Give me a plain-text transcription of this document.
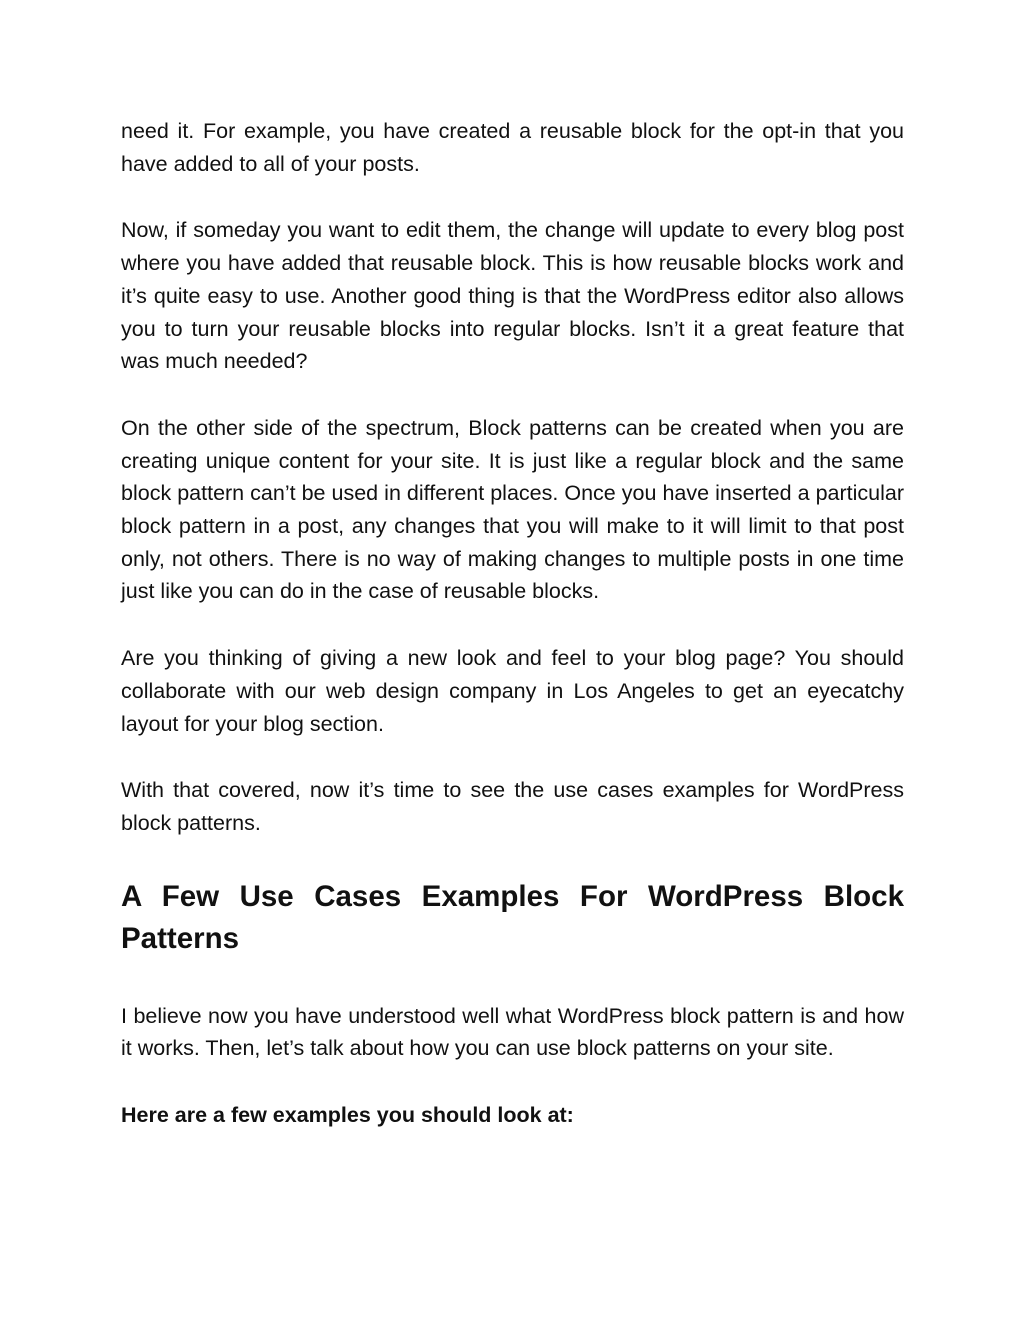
need it. For example, you have created a reusable block for the opt-in that you have added to all of your posts.

Now, if someday you want to edit them, the change will update to every blog post where you have added that reusable block. This is how reusable blocks work and it’s quite easy to use. Another good thing is that the WordPress editor also allows you to turn your reusable blocks into regular blocks. Isn’t it a great feature that was much needed?

On the other side of the spectrum, Block patterns can be created when you are creating unique content for your site. It is just like a regular block and the same block pattern can’t be used in different places. Once you have inserted a particular block pattern in a post, any changes that you will make to it will limit to that post only, not others. There is no way of making changes to multiple posts in one time just like you can do in the case of reusable blocks.

Are you thinking of giving a new look and feel to your blog page? You should collaborate with our web design company in Los Angeles to get an eyecatchy layout for your blog section.

With that covered, now it’s time to see the use cases examples for WordPress block patterns.

A Few Use Cases Examples For WordPress Block Patterns

I believe now you have understood well what WordPress block pattern is and how it works. Then, let’s talk about how you can use block patterns on your site.

Here are a few examples you should look at:
